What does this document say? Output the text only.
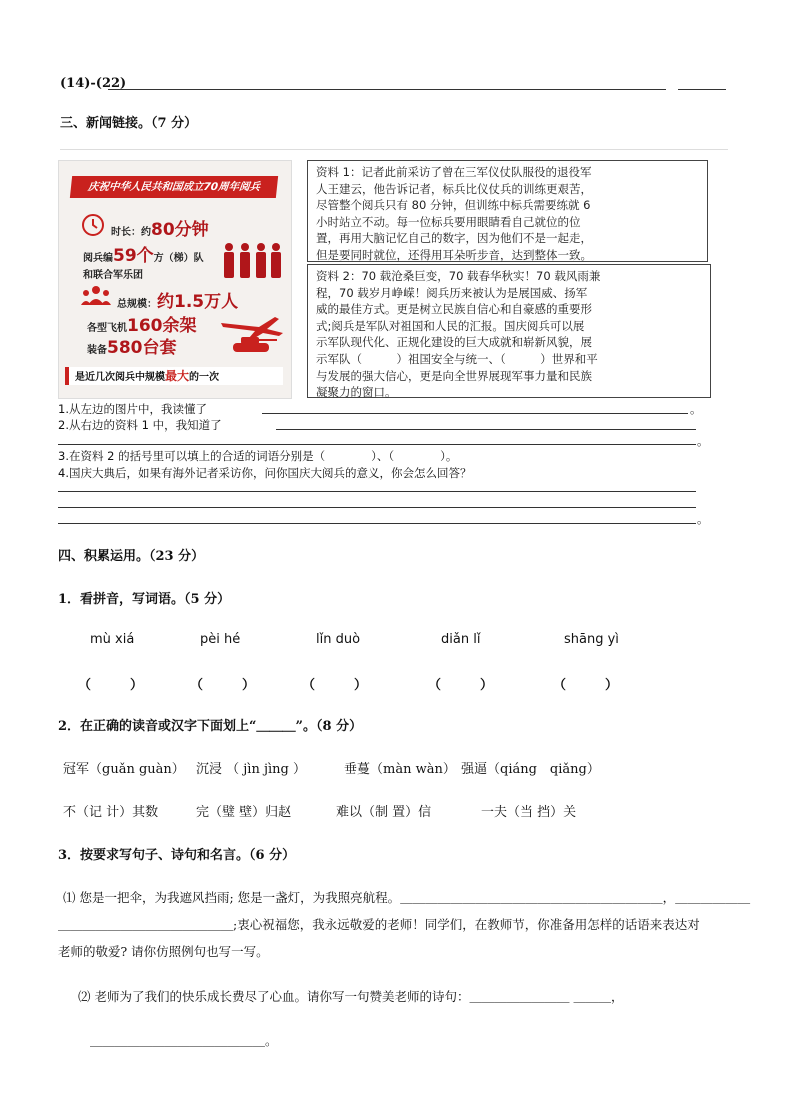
(14)-(22)
三、新闻链接。（7 分）
庆祝中华人民共和国成立70周年阅兵
时长：约80分钟
阅兵编59个方（梯）队
和联合军乐团
总规模：约1.5万人
各型飞机160余架
装备580台套
是近几次阅兵中规模最大的一次
资料 1：记者此前采访了曾在三军仪仗队服役的退役军
人王建云，他告诉记者，标兵比仪仗兵的训练更艰苦，
尽管整个阅兵只有 80 分钟，但训练中标兵需要练就 6
小时站立不动。每一位标兵要用眼睛看自己就位的位
置，再用大脑记忆自己的数字，因为他们不是一起走，
但是要同时就位，还得用耳朵听步音，达到整体一致。
资料 2：70 载沧桑巨变，70 载春华秋实！70 载风雨兼
程，70 载岁月峥嵘！阅兵历来被认为是展国威、扬军
威的最佳方式。更是树立民族自信心和自豪感的重要形
式;阅兵是军队对祖国和人民的汇报。国庆阅兵可以展
示军队现代化、正规化建设的巨大成就和崭新风貌，展
示军队（　　　）祖国安全与统一、（　　　）世界和平
与发展的强大信心，更是向全世界展现军事力量和民族
凝聚力的窗口。
1.从左边的图片中，我读懂了	。
2.从右边的资料 1 中，我知道了
。
3.在资料 2 的括号里可以填上的合适的词语分别是（　　　　）、（　　　　）。
4.国庆大典后，如果有海外记者采访你，问你国庆大阅兵的意义，你会怎么回答？
。
四、积累运用。（23 分）
1．看拼音，写词语。（5 分）
mù xiá	pèi hé	lǐn duò	diǎn lǐ	shāng yì
（　　　）	（　　　）	（　　　）	（　　　）	（　　　）
2．在正确的读音或汉字下面划上“＿＿＿”。（8 分）
冠军（guǎn guàn） 沉浸 （ jìn jìng ）	垂蔓（màn wàn） 强逼（qiáng　qiǎng）
不（记 计）其数	完（璧 壁）归赵	难以（制 置）信	一夫（当 挡）关
3．按要求写句子、诗句和名言。（6 分）
⑴ 您是一把伞，为我遮风挡雨; 您是一盏灯，为我照亮航程。＿＿＿＿＿＿＿＿＿＿＿＿＿＿＿＿＿＿＿＿＿，＿＿＿＿＿＿
＿＿＿＿＿＿＿＿＿＿＿＿＿＿;衷心祝福您，我永远敬爱的老师！同学们，在教师节，你准备用怎样的话语来表达对
老师的敬爱? 请你仿照例句也写一写。
⑵ 老师为了我们的快乐成长费尽了心血。请你写一句赞美老师的诗句：＿＿＿＿＿＿＿＿ ＿＿＿，
＿＿＿＿＿＿＿＿＿＿＿＿＿＿。
